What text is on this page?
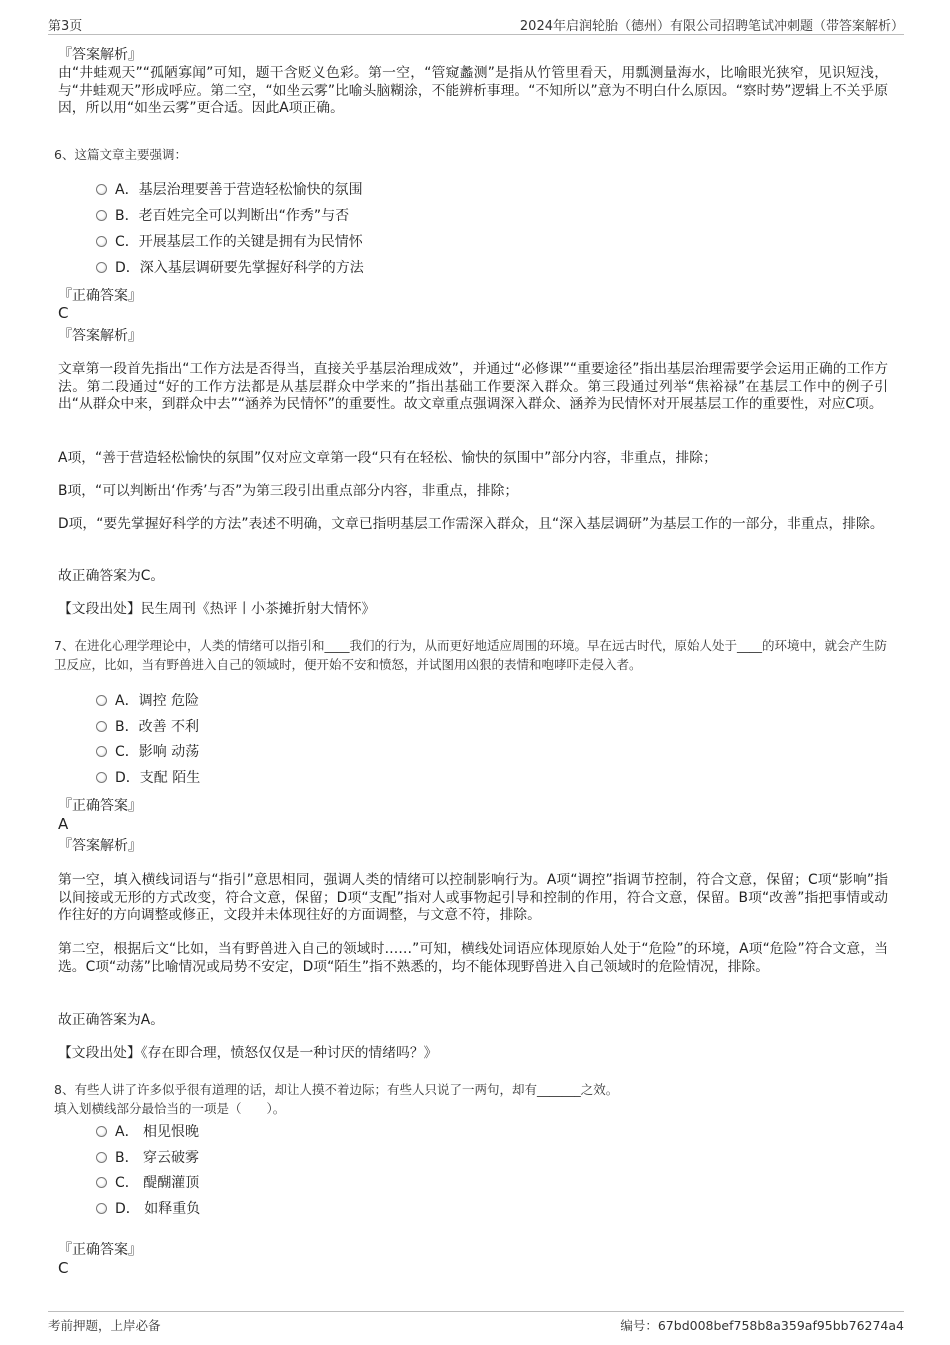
第3页	2024年启润轮胎（德州）有限公司招聘笔试冲刺题（带答案解析）
『答案解析』
由“井蛙观天”“孤陋寡闻”可知，题干含贬义色彩。第一空，“管窥蠡测”是指从竹管里看天，用瓢测量海水，比喻眼光狭窄，见识短浅，与“井蛙观天”形成呼应。第二空，“如坐云雾”比喻头脑糊涂，不能辨析事理。“不知所以”意为不明白什么原因。“察时势”逻辑上不关乎原因，所以用“如坐云雾”更合适。因此A项正确。
6、这篇文章主要强调：
A．基层治理要善于营造轻松愉快的氛围
B．老百姓完全可以判断出“作秀”与否
C．开展基层工作的关键是拥有为民情怀
D．深入基层调研要先掌握好科学的方法
『正确答案』
C
『答案解析』
文章第一段首先指出“工作方法是否得当，直接关乎基层治理成效”，并通过“必修课”“重要途径”指出基层治理需要学会运用正确的工作方法。第二段通过“好的工作方法都是从基层群众中学来的”指出基础工作要深入群众。第三段通过列举“焦裕禄”在基层工作中的例子引出“从群众中来，到群众中去”“涵养为民情怀”的重要性。故文章重点强调深入群众、涵养为民情怀对开展基层工作的重要性，对应C项。
A项，“善于营造轻松愉快的氛围”仅对应文章第一段“只有在轻松、愉快的氛围中”部分内容，非重点，排除；
B项，“可以判断出‘作秀’与否”为第三段引出重点部分内容，非重点，排除；
D项，“要先掌握好科学的方法”表述不明确，文章已指明基层工作需深入群众，且“深入基层调研”为基层工作的一部分，非重点，排除。
故正确答案为C。
【文段出处】民生周刊《热评丨小茶摊折射大情怀》
7、在进化心理学理论中，人类的情绪可以指引和____我们的行为，从而更好地适应周围的环境。早在远古时代，原始人处于____的环境中，就会产生防卫反应，比如，当有野兽进入自己的领域时，便开始不安和愤怒，并试图用凶狠的表情和咆哮吓走侵入者。
A．调控 危险
B．改善 不利
C．影响 动荡
D．支配 陌生
『正确答案』
A
『答案解析』
第一空，填入横线词语与“指引”意思相同，强调人类的情绪可以控制影响行为。A项“调控”指调节控制，符合文意，保留；C项“影响”指以间接或无形的方式改变，符合文意，保留；D项“支配”指对人或事物起引导和控制的作用，符合文意，保留。B项“改善”指把事情或动作往好的方向调整或修正，文段并未体现往好的方面调整，与文意不符，排除。
第二空，根据后文“比如，当有野兽进入自己的领域时……”可知，横线处词语应体现原始人处于“危险”的环境，A项“危险”符合文意，当选。C项“动荡”比喻情况或局势不安定，D项“陌生”指不熟悉的，均不能体现野兽进入自己领域时的危险情况，排除。
故正确答案为A。
【文段出处】《存在即合理，愤怒仅仅是一种讨厌的情绪吗？》
8、有些人讲了许多似乎很有道理的话，却让人摸不着边际；有些人只说了一两句，却有_______之效。
填入划横线部分最恰当的一项是（　　）。
A． 相见恨晚
B． 穿云破雾
C． 醍醐灌顶
D． 如释重负
『正确答案』
C
考前押题，上岸必备	编号：67bd008bef758b8a359af95bb76274a4
